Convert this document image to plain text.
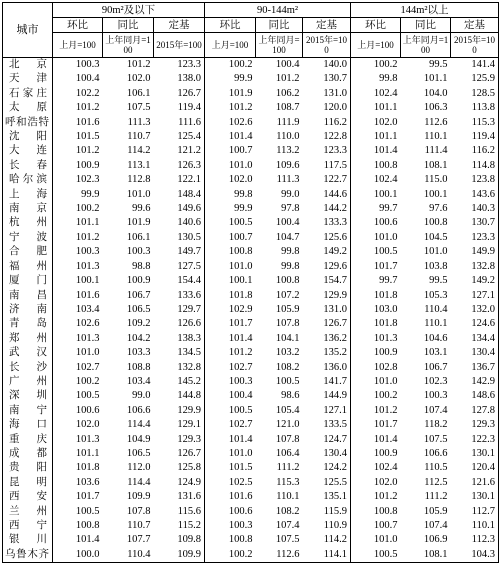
城市	90m²及以下			90-144m²			144m²以上		
	环比	同比	定基	环比	同比	定基	环比	同比	定基
	上月=100	上年同月=100	2015年=100	上月=100	上年同月=100	2015年=100	上月=100	上年同月=100	2015年=100
北京	100.3	101.2	123.3	100.2	100.4	140.0	100.2	99.5	141.4
天津	100.4	102.0	138.0	99.9	101.2	130.7	99.8	101.1	125.9
石家庄	102.2	106.1	126.7	101.9	106.2	131.0	102.4	104.0	128.5
太原	101.2	107.5	119.4	101.2	108.7	120.0	101.1	106.3	113.8
呼和浩特	101.6	111.3	111.6	102.6	111.9	116.2	102.0	112.6	115.3
沈阳	101.5	110.7	125.4	101.4	110.0	122.8	101.1	110.1	119.4
大连	101.2	114.2	121.2	100.7	113.2	123.3	101.4	111.4	116.2
长春	100.9	113.1	126.3	101.0	109.6	117.5	100.8	108.1	114.8
哈尔滨	102.3	112.8	122.1	102.0	111.3	122.7	102.4	115.0	123.8
上海	99.9	101.0	148.4	99.8	99.0	144.6	100.1	100.1	143.6
南京	100.2	99.6	149.6	99.9	97.8	144.2	99.7	97.6	140.3
杭州	101.1	101.9	140.6	100.5	100.4	133.3	100.6	100.8	130.7
宁波	101.2	106.1	130.5	100.7	104.7	125.6	101.0	104.5	123.3
合肥	100.3	100.3	149.7	100.8	99.8	149.2	100.5	101.0	149.9
福州	101.3	98.8	127.5	101.0	99.8	129.6	101.7	103.8	132.8
厦门	100.1	100.9	154.4	100.1	100.8	154.7	99.7	99.5	149.2
南昌	101.6	106.7	133.6	101.8	107.2	129.9	101.8	105.3	127.1
济南	103.4	106.5	129.7	102.9	105.9	131.0	103.0	110.4	132.0
青岛	102.6	109.2	126.6	101.7	107.8	126.7	101.8	110.1	124.6
郑州	101.3	104.2	138.3	101.4	104.1	136.2	101.3	104.6	134.4
武汉	101.0	103.3	134.5	101.2	103.2	135.2	100.9	103.1	130.4
长沙	102.7	108.8	132.8	102.7	108.2	136.0	102.8	106.7	136.7
广州	100.2	103.4	145.2	100.3	100.5	141.7	101.0	102.3	142.9
深圳	100.5	99.0	144.8	100.4	98.6	144.9	100.2	100.3	148.6
南宁	100.6	106.6	129.9	100.5	105.4	127.1	101.2	107.4	127.8
海口	102.0	114.4	129.1	102.7	121.0	133.5	101.7	118.2	129.3
重庆	101.3	104.9	129.3	101.4	107.8	124.7	101.4	107.5	122.3
成都	101.1	106.5	126.7	101.0	106.4	130.4	100.9	106.6	130.1
贵阳	101.8	112.0	125.8	101.5	111.2	124.2	102.4	110.5	120.4
昆明	103.6	114.4	124.9	102.5	115.3	125.5	102.0	112.5	121.6
西安	101.7	109.9	131.6	101.6	110.1	135.1	101.2	111.2	130.1
兰州	100.5	107.8	115.6	100.6	108.2	115.9	100.8	105.9	112.7
西宁	100.8	110.7	115.2	100.3	107.4	110.9	100.7	107.4	110.1
银川	101.4	107.7	109.8	100.8	107.5	114.2	101.0	106.9	112.3
乌鲁木齐	100.0	110.4	109.9	100.2	112.6	114.1	100.5	108.1	104.3
